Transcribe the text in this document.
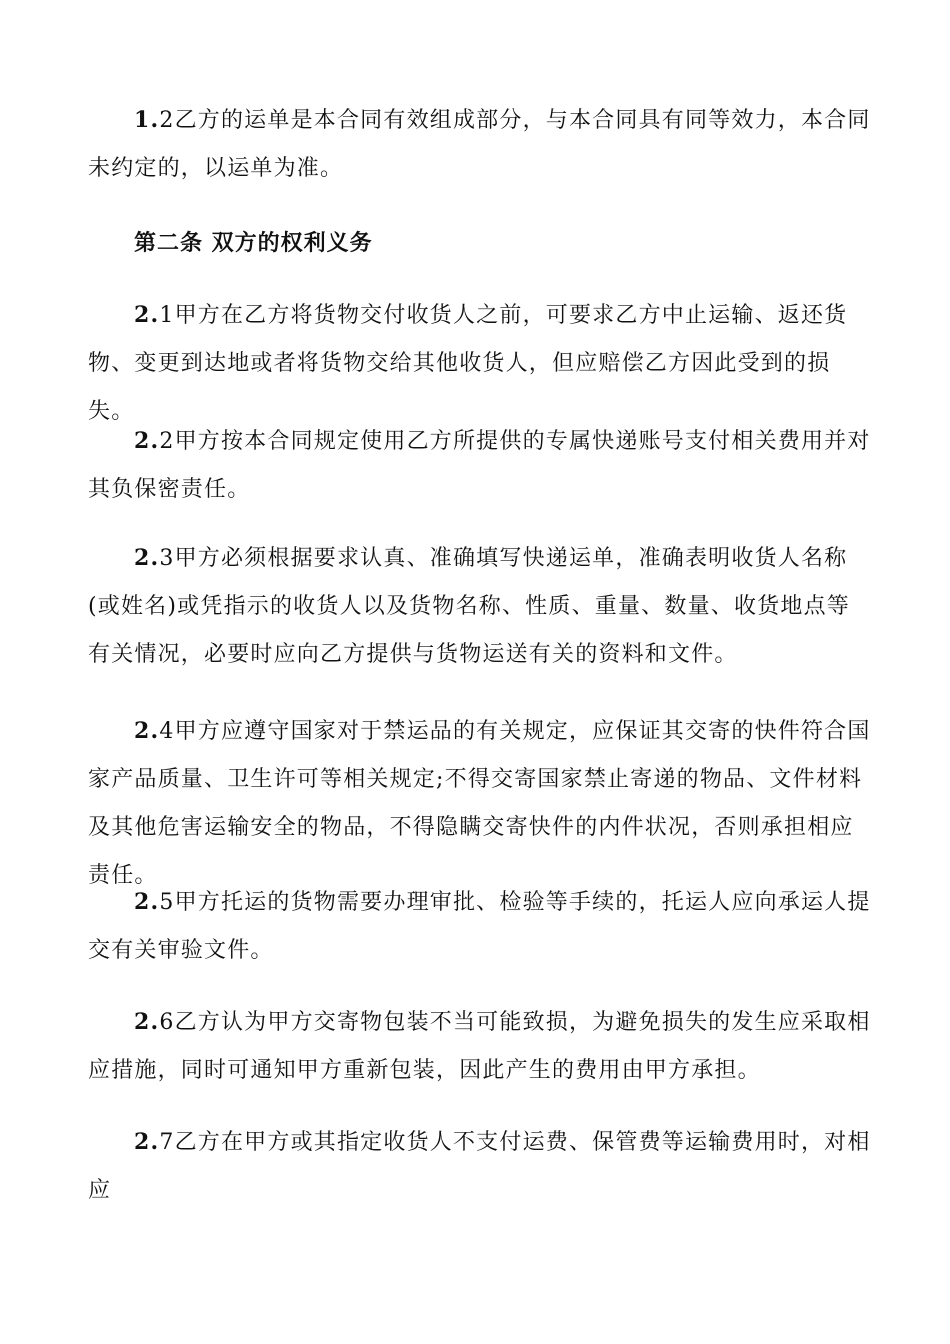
1.2乙方的运单是本合同有效组成部分，与本合同具有同等效力，本合同未约定的，以运单为准。

第二条 双方的权利义务

2.1甲方在乙方将货物交付收货人之前，可要求乙方中止运输、返还货物、变更到达地或者将货物交给其他收货人，但应赔偿乙方因此受到的损失。

2.2甲方按本合同规定使用乙方所提供的专属快递账号支付相关费用并对其负保密责任。

2.3甲方必须根据要求认真、准确填写快递运单，准确表明收货人名称(或姓名)或凭指示的收货人以及货物名称、性质、重量、数量、收货地点等有关情况，必要时应向乙方提供与货物运送有关的资料和文件。

2.4甲方应遵守国家对于禁运品的有关规定，应保证其交寄的快件符合国家产品质量、卫生许可等相关规定;不得交寄国家禁止寄递的物品、文件材料及其他危害运输安全的物品，不得隐瞒交寄快件的内件状况，否则承担相应责任。

2.5甲方托运的货物需要办理审批、检验等手续的，托运人应向承运人提交有关审验文件。

2.6乙方认为甲方交寄物包装不当可能致损，为避免损失的发生应采取相应措施，同时可通知甲方重新包装，因此产生的费用由甲方承担。

2.7乙方在甲方或其指定收货人不支付运费、保管费等运输费用时，对相应
